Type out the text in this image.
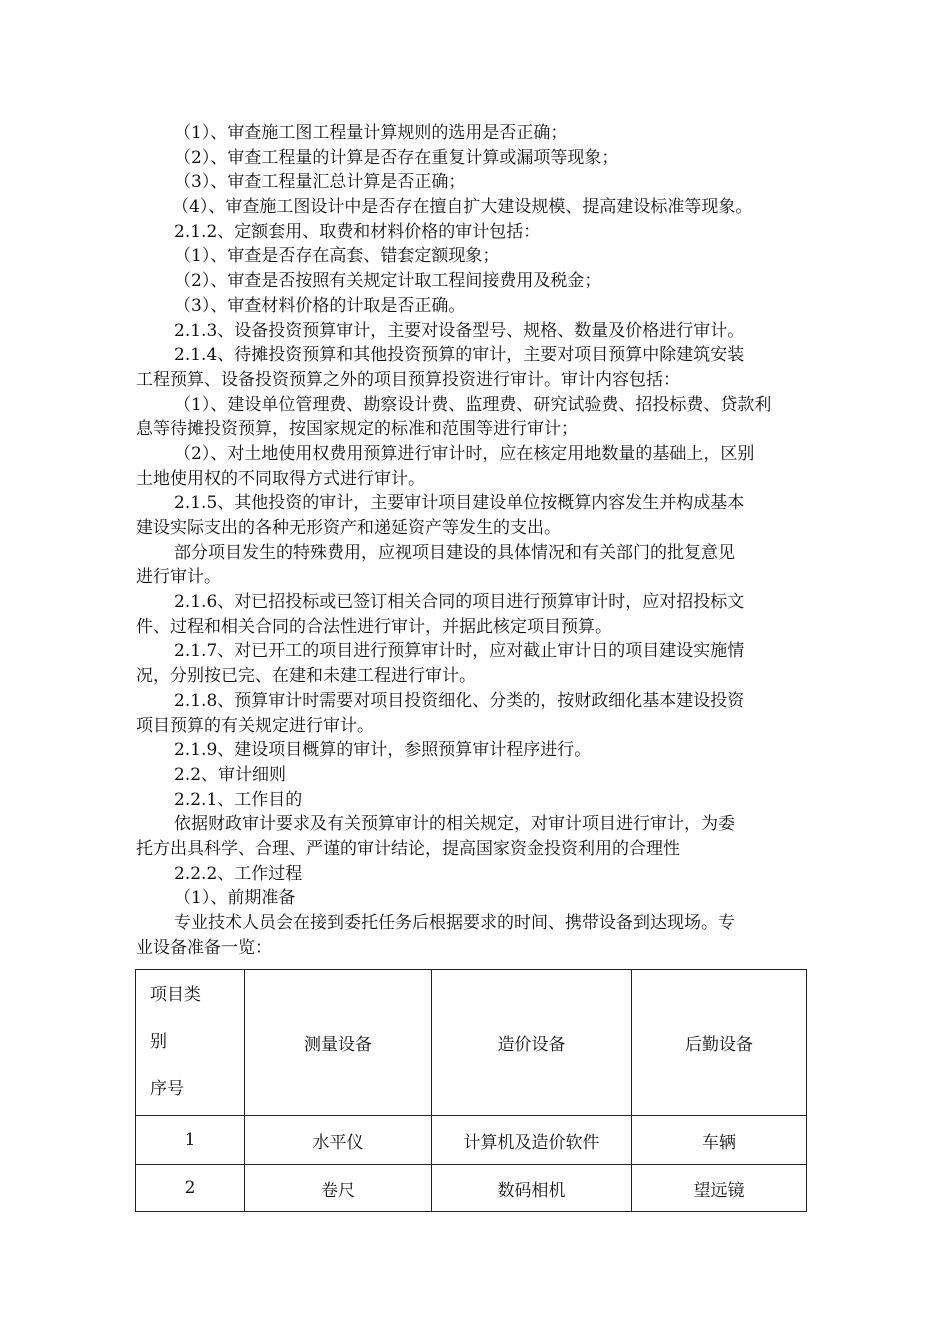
（1）、审查施工图工程量计算规则的选用是否正确；
（2）、审查工程量的计算是否存在重复计算或漏项等现象；
（3）、审查工程量汇总计算是否正确；
（4）、审查施工图设计中是否存在擅自扩大建设规模、提高建设标准等现象。
2.1.2、定额套用、取费和材料价格的审计包括：
（1）、审查是否存在高套、错套定额现象；
（2）、审查是否按照有关规定计取工程间接费用及税金；
（3）、审查材料价格的计取是否正确。
2.1.3、设备投资预算审计，主要对设备型号、规格、数量及价格进行审计。
2.1.4、待摊投资预算和其他投资预算的审计，主要对项目预算中除建筑安装
工程预算、设备投资预算之外的项目预算投资进行审计。审计内容包括：
（1）、建设单位管理费、勘察设计费、监理费、研究试验费、招投标费、贷款利
息等待摊投资预算，按国家规定的标准和范围等进行审计；
（2）、对土地使用权费用预算进行审计时，应在核定用地数量的基础上，区别
土地使用权的不同取得方式进行审计。
2.1.5、其他投资的审计，主要审计项目建设单位按概算内容发生并构成基本
建设实际支出的各种无形资产和递延资产等发生的支出。
部分项目发生的特殊费用，应视项目建设的具体情况和有关部门的批复意见
进行审计。
2.1.6、对已招投标或已签订相关合同的项目进行预算审计时，应对招投标文
件、过程和相关合同的合法性进行审计，并据此核定项目预算。
2.1.7、对已开工的项目进行预算审计时，应对截止审计日的项目建设实施情
况，分别按已完、在建和未建工程进行审计。
2.1.8、预算审计时需要对项目投资细化、分类的，按财政细化基本建设投资
项目预算的有关规定进行审计。
2.1.9、建设项目概算的审计，参照预算审计程序进行。
2.2、审计细则
2.2.1、工作目的
依据财政审计要求及有关预算审计的相关规定，对审计项目进行审计，为委
托方出具科学、合理、严谨的审计结论，提高国家资金投资利用的合理性
2.2.2、工作过程
（1）、前期准备
专业技术人员会在接到委托任务后根据要求的时间、携带设备到达现场。专
业设备准备一览：
项目类
别
序号	测量设备	造价设备	后勤设备
1	水平仪	计算机及造价软件	车辆
2	卷尺	数码相机	望远镜
